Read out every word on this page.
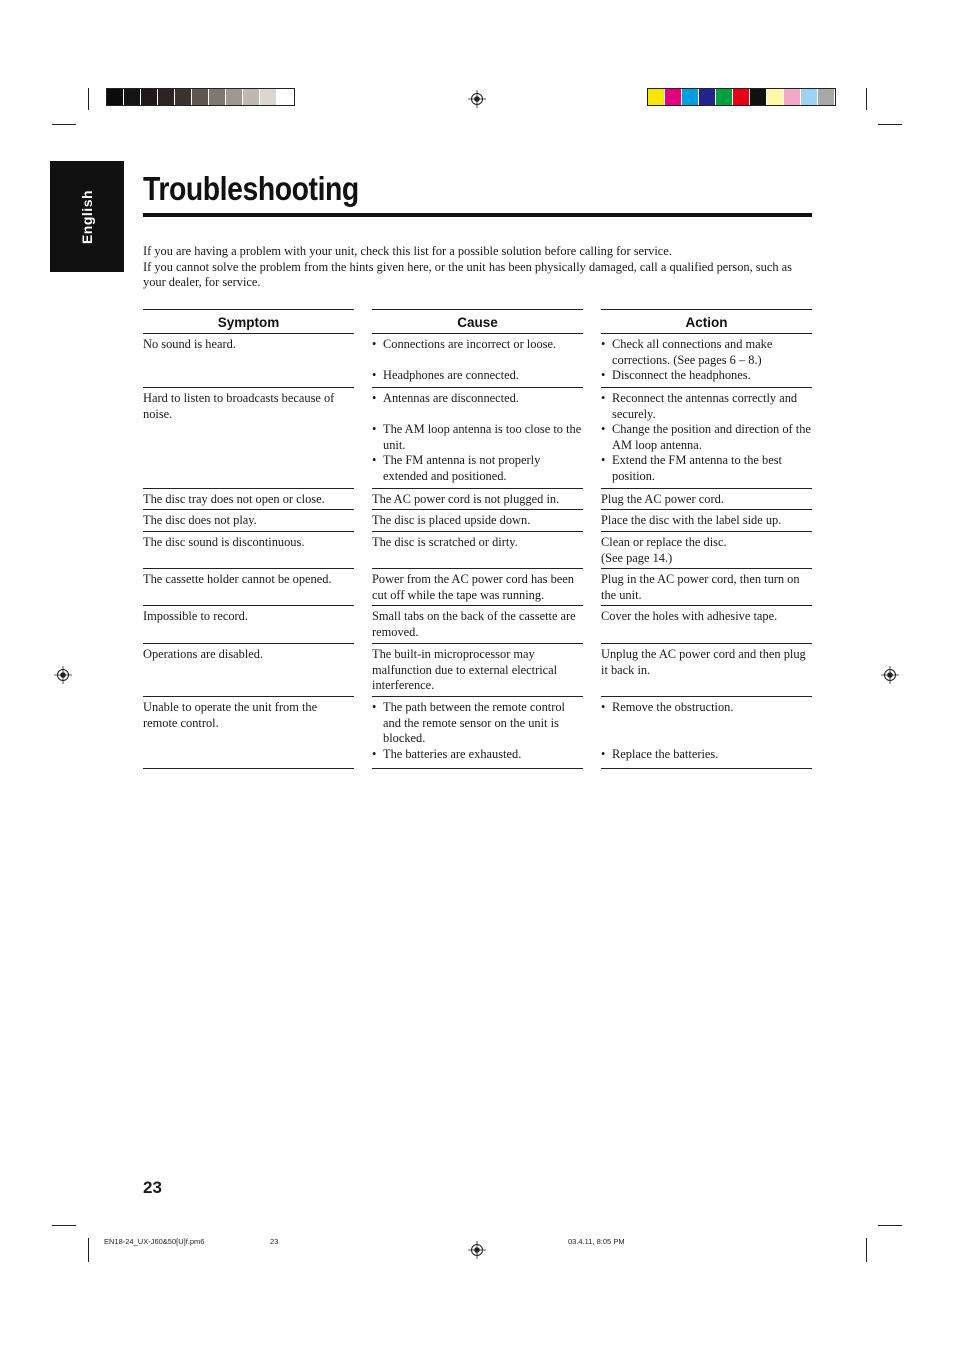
English
Troubleshooting

If you are having a problem with your unit, check this list for a possible solution before calling for service.

If you cannot solve the problem from the hints given here, or the unit has been physically damaged, call a qualified person, such as your dealer, for service.

Symptom
No sound is heard.
Hard to listen to broadcasts because of noise.
The disc tray does not open or close.
The disc does not play.
The disc sound is discontinuous.
The cassette holder cannot be opened.
Impossible to record.
Operations are disabled.
Unable to operate the unit from the remote control.
Cause
• Connections are incorrect or loose.
• Headphones are connected.
• Antennas are disconnected.
• The AM loop antenna is too close to the unit.
• The FM antenna is not properly extended and positioned.
The AC power cord is not plugged in.
The disc is placed upside down.
The disc is scratched or dirty.
Power from the AC power cord has been cut off while the tape was running.
Small tabs on the back of the cassette are removed.
The built-in microprocessor may malfunction due to external electrical interference.
• The path between the remote control and the remote sensor on the unit is blocked.
• The batteries are exhausted.
Action
• Check all connections and make corrections. (See pages 6 – 8.)
• Disconnect the headphones.
• Reconnect the antennas correctly and securely.
• Change the position and direction of the AM loop antenna.
• Extend the FM antenna to the best position.
Plug the AC power cord.
Place the disc with the label side up.
Clean or replace the disc. (See page 14.)
Plug in the AC power cord, then turn on the unit.
Cover the holes with adhesive tape.
Unplug the AC power cord and then plug it back in.
• Remove the obstruction.
• Replace the batteries.
23
EN18-24_UX-J60&50[U]f.pm6	23	03.4.11, 8:05 PM
